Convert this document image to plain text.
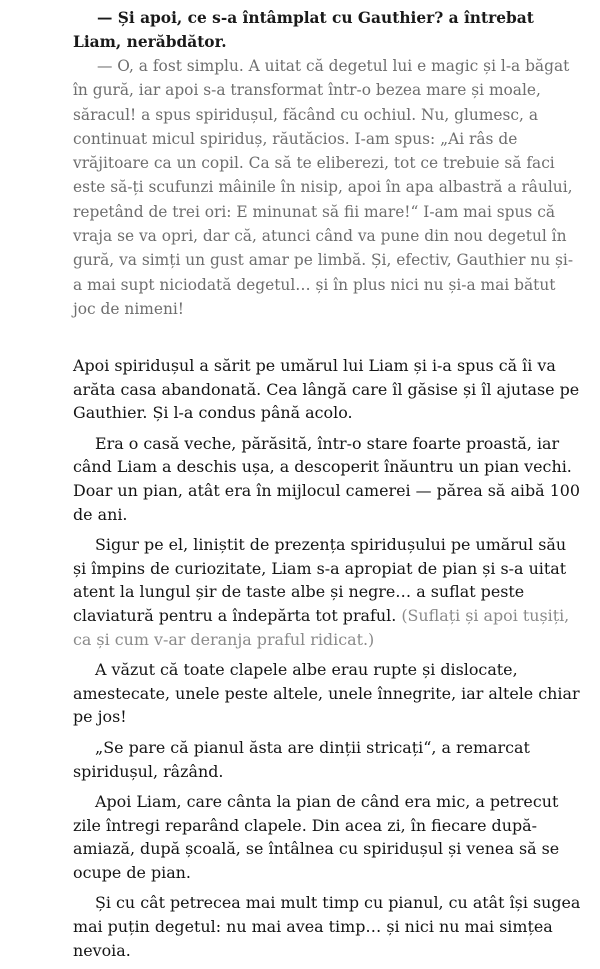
— Și apoi, ce s-a întâmplat cu Gauthier? a întrebat Liam, nerăbdător.

— O, a fost simplu. A uitat că degetul lui e magic și l-a băgat în gură, iar apoi s-a transformat într-o bezea mare și moale, săracul! a spus spiridușul, făcând cu ochiul. Nu, glumesc, a continuat micul spiriduș, răutăcios. I-am spus: „Ai râs de vrăjitoare ca un copil. Ca să te eliberezi, tot ce trebuie să faci este să-ți scufunzi mâinile în nisip, apoi în apa albastră a râului, repetând de trei ori: E minunat să fii mare!“ I-am mai spus că vraja se va opri, dar că, atunci când va pune din nou degetul în gură, va simți un gust amar pe limbă. Și, efectiv, Gauthier nu și-a mai supt niciodată degetul… și în plus nici nu și-a mai bătut joc de nimeni!

Apoi spiridușul a sărit pe umărul lui Liam și i-a spus că îi va arăta casa abandonată. Cea lângă care îl găsise și îl ajutase pe Gauthier. Și l-a condus până acolo.

Era o casă veche, părăsită, într-o stare foarte proastă, iar când Liam a deschis ușa, a descoperit înăuntru un pian vechi. Doar un pian, atât era în mijlocul camerei — părea să aibă 100 de ani.

Sigur pe el, liniștit de prezența spiridușului pe umărul său și împins de curiozitate, Liam s-a apropiat de pian și s-a uitat atent la lungul șir de taste albe și negre… a suflat peste claviatură pentru a îndepărta tot praful. (Suflați și apoi tușiți, ca și cum v-ar deranja praful ridicat.)

A văzut că toate clapele albe erau rupte și dislocate, amestecate, unele peste altele, unele înnegrite, iar altele chiar pe jos!

„Se pare că pianul ăsta are dinții stricați“, a remarcat spiridușul, râzând.

Apoi Liam, care cânta la pian de când era mic, a petrecut zile întregi reparând clapele. Din acea zi, în fiecare după-amiază, după școală, se întâlnea cu spiridușul și venea să se ocupe de pian.

Și cu cât petrecea mai mult timp cu pianul, cu atât își sugea mai puțin degetul: nu mai avea timp… și nici nu mai simțea nevoia.
